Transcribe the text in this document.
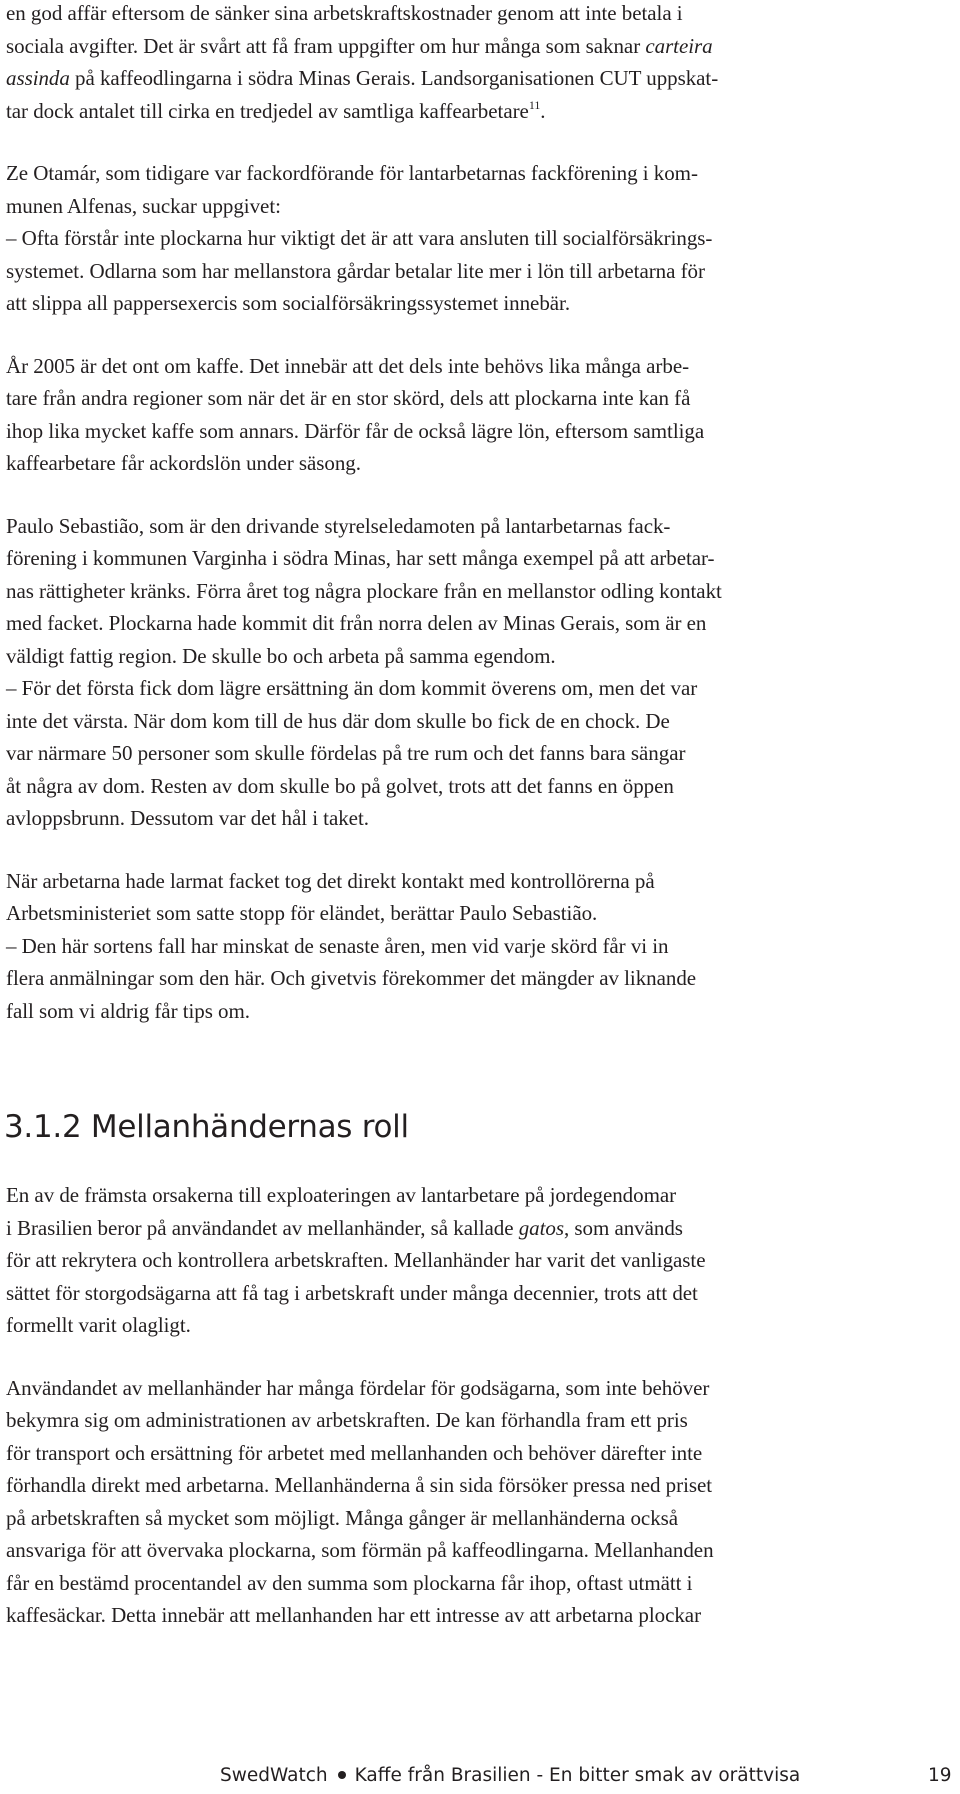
en god affär eftersom de sänker sina arbetskraftskostnader genom att inte betala i
sociala avgifter. Det är svårt att få fram uppgifter om hur många som saknar carteira
assinda på kaffeodlingarna i södra Minas Gerais. Landsorganisationen CUT uppskat-
tar dock antalet till cirka en tredjedel av samtliga kaffearbetare$^{11}$.
Ze Otamár, som tidigare var fackordförande för lantarbetarnas fackförening i kom-
munen Alfenas, suckar uppgivet:
– Ofta förstår inte plockarna hur viktigt det är att vara ansluten till socialförsäkrings-
systemet. Odlarna som har mellanstora gårdar betalar lite mer i lön till arbetarna för
att slippa all pappersexercis som socialförsäkringssystemet innebär.
År 2005 är det ont om kaffe. Det innebär att det dels inte behövs lika många arbe-
tare från andra regioner som när det är en stor skörd, dels att plockarna inte kan få
ihop lika mycket kaffe som annars. Därför får de också lägre lön, eftersom samtliga
kaffearbetare får ackordslön under säsong.
Paulo Sebastião, som är den drivande styrelseledamoten på lantarbetarnas fack-
förening i kommunen Varginha i södra Minas, har sett många exempel på att arbetar-
nas rättigheter kränks. Förra året tog några plockare från en mellanstor odling kontakt
med facket. Plockarna hade kommit dit från norra delen av Minas Gerais, som är en
väldigt fattig region. De skulle bo och arbeta på samma egendom.
– För det första fick dom lägre ersättning än dom kommit överens om, men det var
inte det värsta. När dom kom till de hus där dom skulle bo fick de en chock. De
var närmare 50 personer som skulle fördelas på tre rum och det fanns bara sängar
åt några av dom. Resten av dom skulle bo på golvet, trots att det fanns en öppen
avloppsbrunn. Dessutom var det hål i taket.
När arbetarna hade larmat facket tog det direkt kontakt med kontrollörerna på
Arbetsministeriet som satte stopp för eländet, berättar Paulo Sebastião.
– Den här sortens fall har minskat de senaste åren, men vid varje skörd får vi in
flera anmälningar som den här. Och givetvis förekommer det mängder av liknande
fall som vi aldrig får tips om.
3.1.2 Mellanhändernas roll
En av de främsta orsakerna till exploateringen av lantarbetare på jordegendomar
i Brasilien beror på användandet av mellanhänder, så kallade gatos, som används
för att rekrytera och kontrollera arbetskraften. Mellanhänder har varit det vanligaste
sättet för storgodsägarna att få tag i arbetskraft under många decennier, trots att det
formellt varit olagligt.
Användandet av mellanhänder har många fördelar för godsägarna, som inte behöver
bekymra sig om administrationen av arbetskraften. De kan förhandla fram ett pris
för transport och ersättning för arbetet med mellanhanden och behöver därefter inte
förhandla direkt med arbetarna. Mellanhänderna å sin sida försöker pressa ned priset
på arbetskraften så mycket som möjligt. Många gånger är mellanhänderna också
ansvariga för att övervaka plockarna, som förmän på kaffeodlingarna. Mellanhanden
får en bestämd procentandel av den summa som plockarna får ihop, oftast utmätt i
kaffesäckar. Detta innebär att mellanhanden har ett intresse av att arbetarna plockar
SwedWatch Kaffe från Brasilien - En bitter smak av orättvisa	19
